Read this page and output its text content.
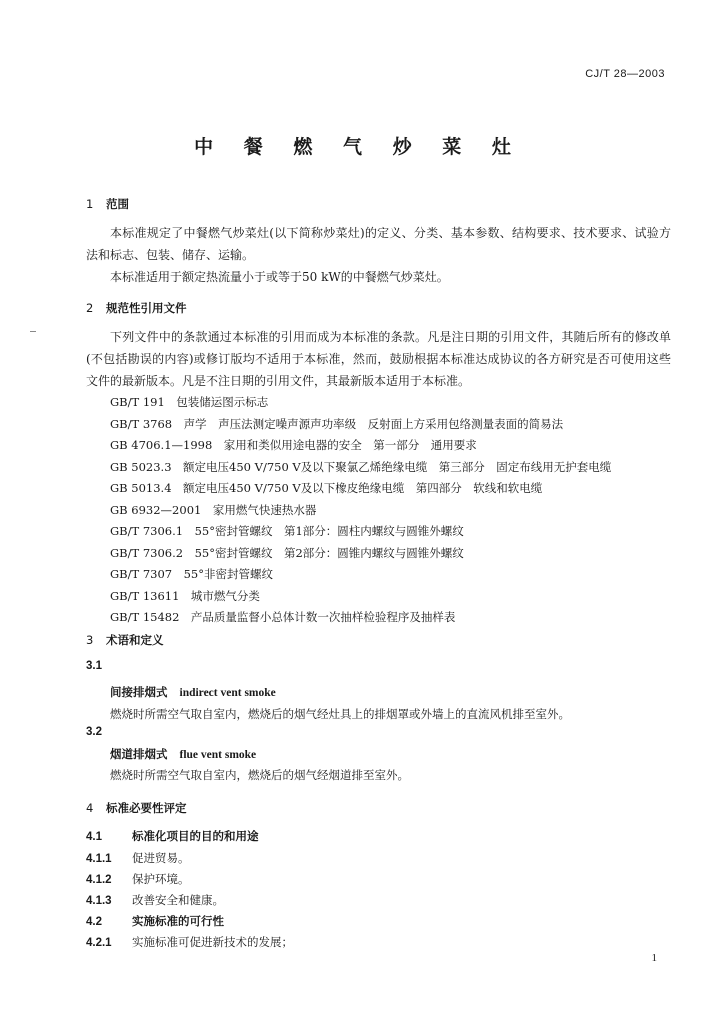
CJ/T 28—2003
中 餐 燃 气 炒 菜 灶
1 范围
本标准规定了中餐燃气炒菜灶(以下简称炒菜灶)的定义、分类、基本参数、结构要求、技术要求、试验方法和标志、包装、储存、运输。
本标准适用于额定热流量小于或等于50 kW的中餐燃气炒菜灶。
2 规范性引用文件
下列文件中的条款通过本标准的引用而成为本标准的条款。凡是注日期的引用文件，其随后所有的修改单(不包括勘误的内容)或修订版均不适用于本标准，然而，鼓励根据本标准达成协议的各方研究是否可使用这些文件的最新版本。凡是不注日期的引用文件，其最新版本适用于本标准。
GB/T 191　包装储运图示标志
GB/T 3768　声学　声压法测定噪声源声功率级　反射面上方采用包络测量表面的简易法
GB 4706.1—1998　家用和类似用途电器的安全　第一部分　通用要求
GB 5023.3　额定电压450 V/750 V及以下聚氯乙烯绝缘电缆　第三部分　固定布线用无护套电缆
GB 5013.4　额定电压450 V/750 V及以下橡皮绝缘电缆　第四部分　软线和软电缆
GB 6932—2001　家用燃气快速热水器
GB/T 7306.1　55°密封管螺纹　第1部分：圆柱内螺纹与圆锥外螺纹
GB/T 7306.2　55°密封管螺纹　第2部分：圆锥内螺纹与圆锥外螺纹
GB/T 7307　55°非密封管螺纹
GB/T 13611　城市燃气分类
GB/T 15482　产品质量监督小总体计数一次抽样检验程序及抽样表
3 术语和定义
3.1
间接排烟式 indirect vent smoke
燃烧时所需空气取自室内，燃烧后的烟气经灶具上的排烟罩或外墙上的直流风机排至室外。
3.2
烟道排烟式 flue vent smoke
燃烧时所需空气取自室内，燃烧后的烟气经烟道排至室外。
4 标准必要性评定
4.1	标准化项目的目的和用途
4.1.1 促进贸易。
4.1.2 保护环境。
4.1.3 改善安全和健康。
4.2	实施标准的可行性
4.2.1 实施标准可促进新技术的发展；
1
